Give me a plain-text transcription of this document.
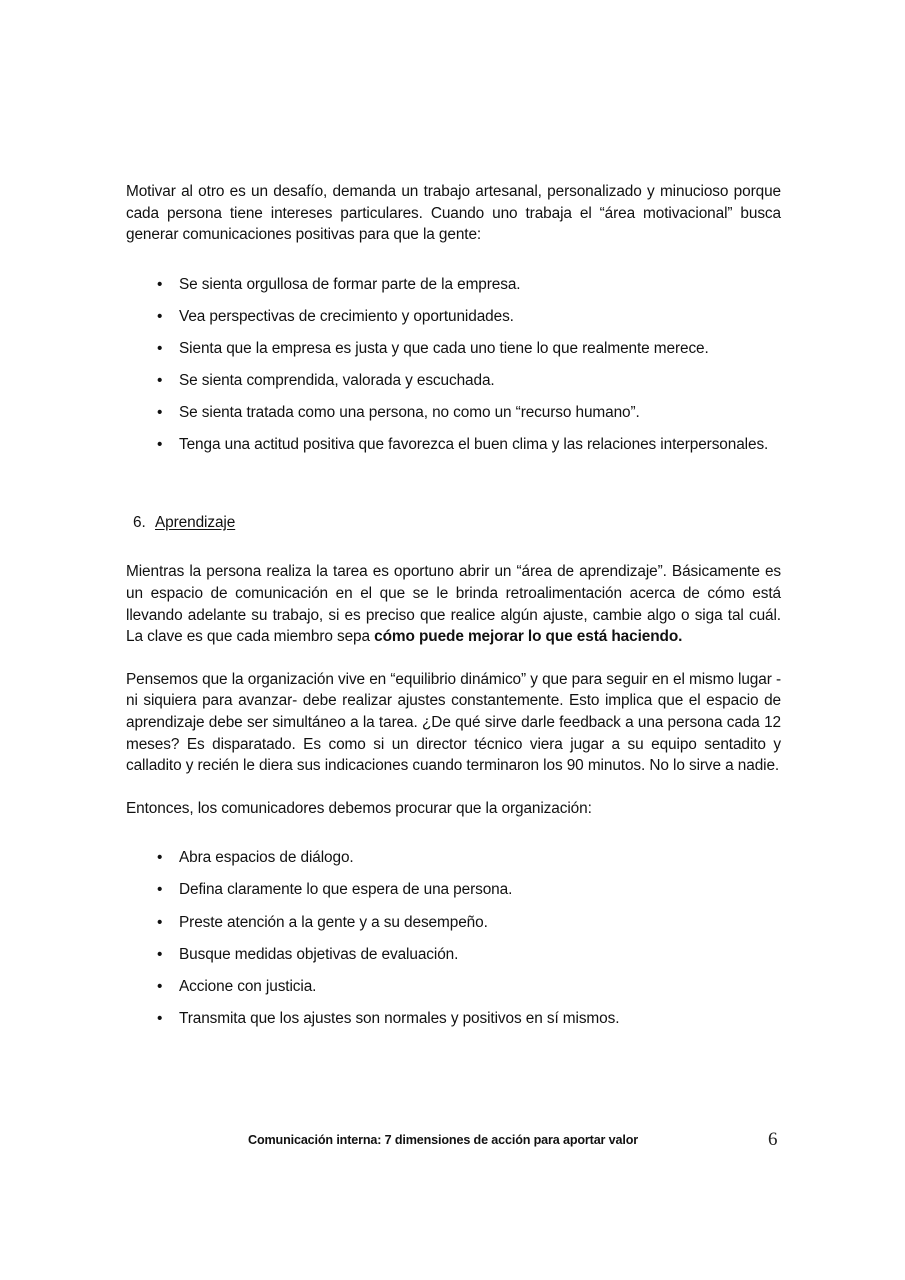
Motivar al otro es un desafío, demanda un trabajo artesanal, personalizado y minucioso porque cada persona tiene intereses particulares. Cuando uno trabaja el “área motivacional” busca generar comunicaciones positivas para que la gente:

• Se sienta orgullosa de formar parte de la empresa.
• Vea perspectivas de crecimiento y oportunidades.
• Sienta que la empresa es justa y que cada uno tiene lo que realmente merece.
• Se sienta comprendida, valorada y escuchada.
• Se sienta tratada como una persona, no como un “recurso humano”.
• Tenga una actitud positiva que favorezca el buen clima y las relaciones interpersonales.
6. Aprendizaje

Mientras la persona realiza la tarea es oportuno abrir un “área de aprendizaje”. Básicamente es un espacio de comunicación en el que se le brinda retroalimentación acerca de cómo está llevando adelante su trabajo, si es preciso que realice algún ajuste, cambie algo o siga tal cuál. La clave es que cada miembro sepa cómo puede mejorar lo que está haciendo.

Pensemos que la organización vive en “equilibrio dinámico” y que para seguir en el mismo lugar -ni siquiera para avanzar- debe realizar ajustes constantemente. Esto implica que el espacio de aprendizaje debe ser simultáneo a la tarea. ¿De qué sirve darle feedback a una persona cada 12 meses? Es disparatado. Es como si un director técnico viera jugar a su equipo sentadito y calladito y recién le diera sus indicaciones cuando terminaron los 90 minutos. No lo sirve a nadie.

Entonces, los comunicadores debemos procurar que la organización:

• Abra espacios de diálogo.
• Defina claramente lo que espera de una persona.
• Preste atención a la gente y a su desempeño.
• Busque medidas objetivas de evaluación.
• Accione con justicia.
• Transmita que los ajustes son normales y positivos en sí mismos.
Comunicación interna: 7 dimensiones de acción para aportar valor	6
